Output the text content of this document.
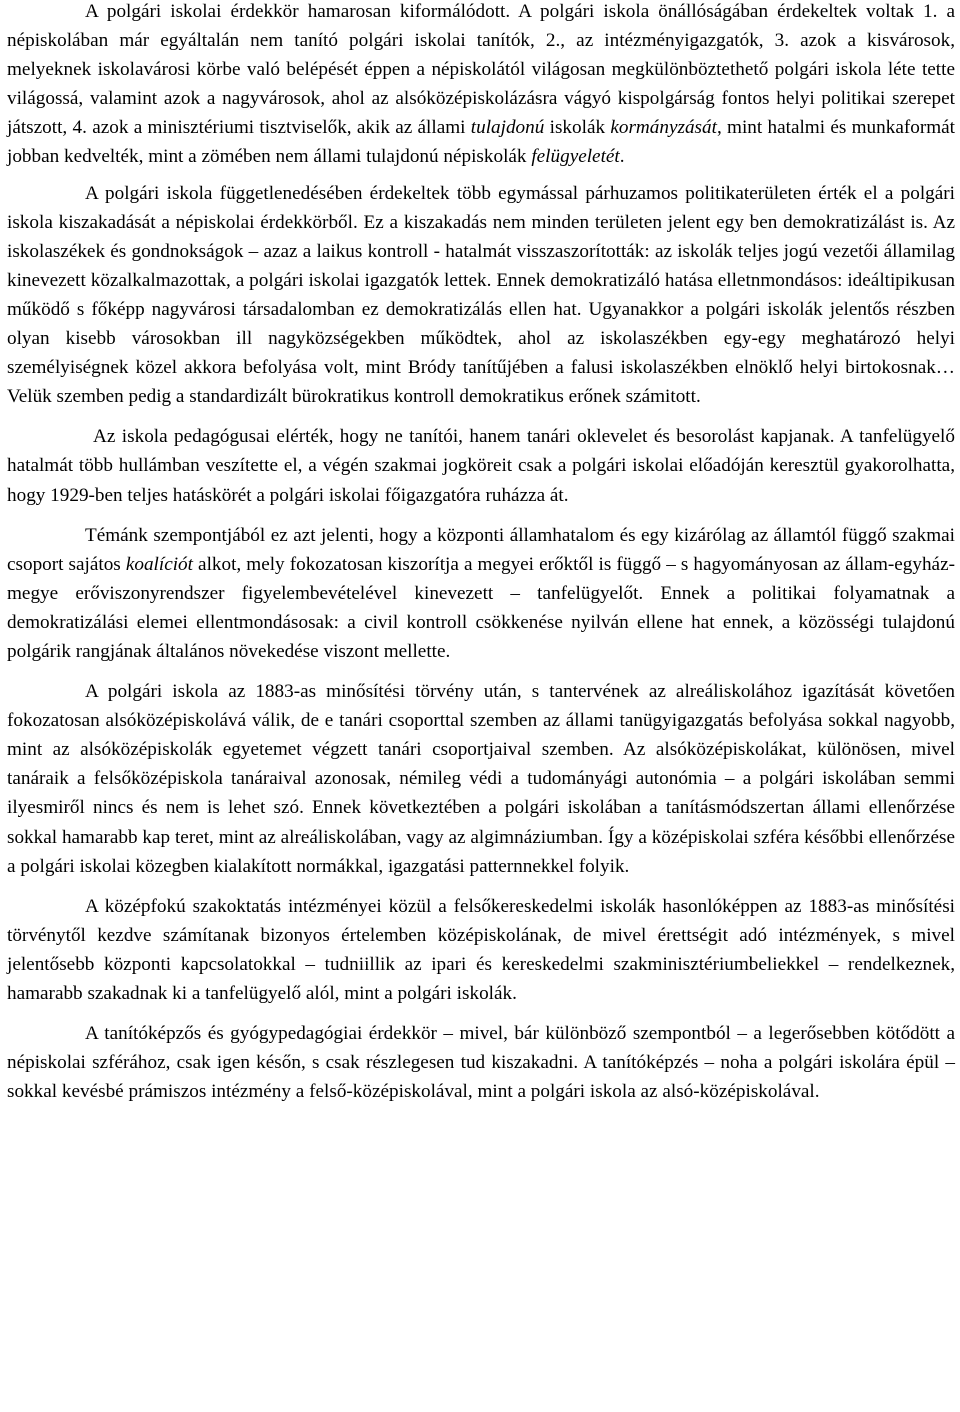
A polgári iskolai érdekkör hamarosan kiformálódott. A polgári iskola önállóságában érdekeltek voltak 1. a népiskolában már egyáltalán nem tanító polgári iskolai tanítók, 2., az intézményigazgatók, 3. azok a kisvárosok, melyeknek iskolavárosi körbe való belépését éppen a népiskolától világosan megkülönböztethető polgári iskola léte tette világossá, valamint azok a nagyvárosok, ahol az alsóközépiskolázásra vágyó kispolgárság fontos helyi politikai szerepet játszott, 4. azok a minisztériumi tisztviselők, akik az állami tulajdonú iskolák kormányzását, mint hatalmi és munkaformát jobban kedvelték, mint a zömében nem állami tulajdonú népiskolák felügyeletét.

A polgári iskola függetlenedésében érdekeltek több egymással párhuzamos politikaterületen érték el a polgári iskola kiszakadását a népiskolai érdekkörből. Ez a kiszakadás nem minden területen jelent egy ben demokratizálást is. Az iskolaszékek és gondnokságok – azaz a laikus kontroll - hatalmát visszaszorították: az iskolák teljes jogú vezetői államilag kinevezett közalkalmazottak, a polgári iskolai igazgatók lettek. Ennek demokratizáló hatása elletnmondásos: ideáltipikusan működő s főképp nagyvárosi társadalomban ez demokratizálás ellen hat. Ugyanakkor a polgári iskolák jelentős részben olyan kisebb városokban ill nagyközségekben működtek, ahol az iskolaszékben egy-egy meghatározó helyi személyiségnek közel akkora befolyása volt, mint Bródy tanítűjében a falusi iskolaszékben elnöklő helyi birtokosnak…Velük szemben pedig a standardizált bürokratikus kontroll demokratikus erőnek számitott.

Az iskola pedagógusai elérték, hogy ne tanítói, hanem tanári oklevelet és besorolást kapjanak. A tanfelügyelő hatalmát több hullámban veszítette el, a végén szakmai jogköreit csak a polgári iskolai előadóján keresztül gyakorolhatta, hogy 1929-ben teljes hatáskörét a polgári iskolai főigazgatóra ruházza át.

Témánk szempontjából ez azt jelenti, hogy a központi államhatalom és egy kizárólag az államtól függő szakmai csoport sajátos koalíciót alkot, mely fokozatosan kiszorítja a megyei erőktől is függő – s hagyományosan az állam-egyház-megye erőviszonyrendszer figyelembevételével kinevezett – tanfelügyelőt. Ennek a politikai folyamatnak a demokratizálási elemei ellentmondásosak: a civil kontroll csökkenése nyilván ellene hat ennek, a közösségi tulajdonú polgárik rangjának általános növekedése viszont mellette.

A polgári iskola az 1883-as minősítési törvény után, s tantervének az alreáliskolához igazítását követően fokozatosan alsóközépiskolává válik, de e tanári csoporttal szemben az állami tanügyigazgatás befolyása sokkal nagyobb, mint az alsóközépiskolák egyetemet végzett tanári csoportjaival szemben. Az alsóközépiskolákat, különösen, mivel tanáraik a felsőközépiskola tanáraival azonosak, némileg védi a tudományági autonómia – a polgári iskolában semmi ilyesmiről nincs és nem is lehet szó. Ennek következtében a polgári iskolában a tanításmódszertan állami ellenőrzése sokkal hamarabb kap teret, mint az alreáliskolában, vagy az algimnáziumban. Így a középiskolai szféra későbbi ellenőrzése a polgári iskolai közegben kialakított normákkal, igazgatási patternnekkel folyik.

A középfokú szakoktatás intézményei közül a felsőkereskedelmi iskolák hasonlóképpen az 1883-as minősítési törvénytől kezdve számítanak bizonyos értelemben középiskolának, de mivel érettségit adó intézmények, s mivel jelentősebb központi kapcsolatokkal – tudniillik az ipari és kereskedelmi szakminisztériumbeliekkel – rendelkeznek, hamarabb szakadnak ki a tanfelügyelő alól, mint a polgári iskolák.

A tanítóképzős és gyógypedagógiai érdekkör – mivel, bár különböző szempontból – a legerősebben kötődött a népiskolai szférához, csak igen későn, s csak részlegesen tud kiszakadni. A tanítóképzés – noha a polgári iskolára épül – sokkal kevésbé prámiszos intézmény a felső-középiskolával, mint a polgári iskola az alsó-középiskolával.
